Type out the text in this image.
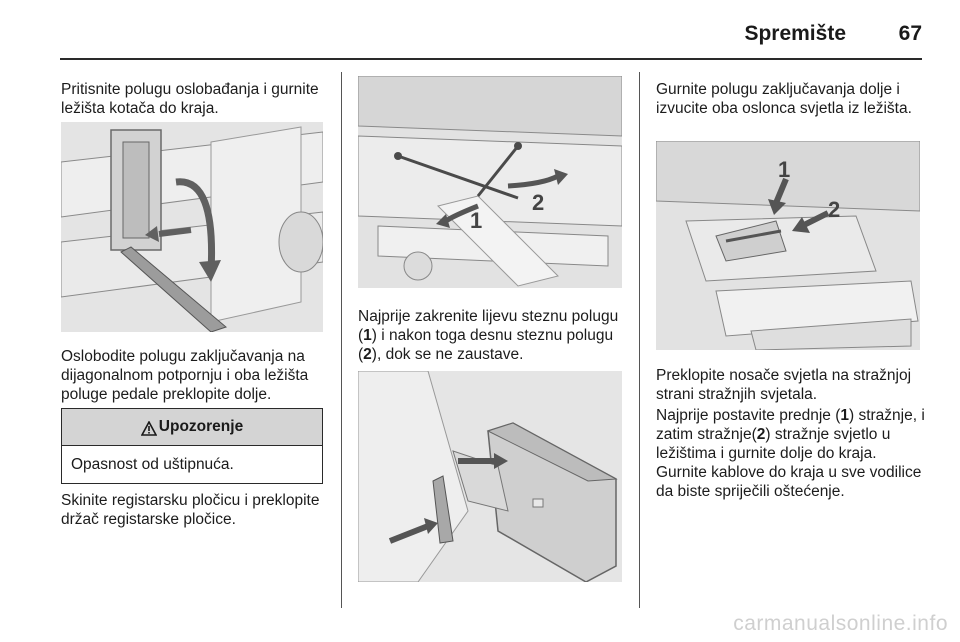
Spremište	67

Pritisnite polugu oslobađanja i gurnite ležišta kotača do kraja.

Oslobodite polugu zaključavanja na dijagonalnom potpornju i oba ležišta poluge pedale preklopite dolje.

Upozorenje
Opasnost od uštipnuća.

Skinite registarsku pločicu i preklopite držač registarske pločice.

1
2

Najprije zakrenite lijevu steznu polugu (1) i nakon toga desnu steznu polugu (2), dok se ne zaustave.

Gurnite polugu zaključavanja dolje i izvucite oba oslonca svjetla iz ležišta.

1
2

Preklopite nosače svjetla na stražnjoj strani stražnjih svjetala.

Najprije postavite prednje (1) stražnje, i zatim stražnje(2) stražnje svjetlo u ležištima i gurnite dolje do kraja. Gurnite kablove do kraja u sve vodilice da biste spriječili oštećenje.

carmanualsonline.info
